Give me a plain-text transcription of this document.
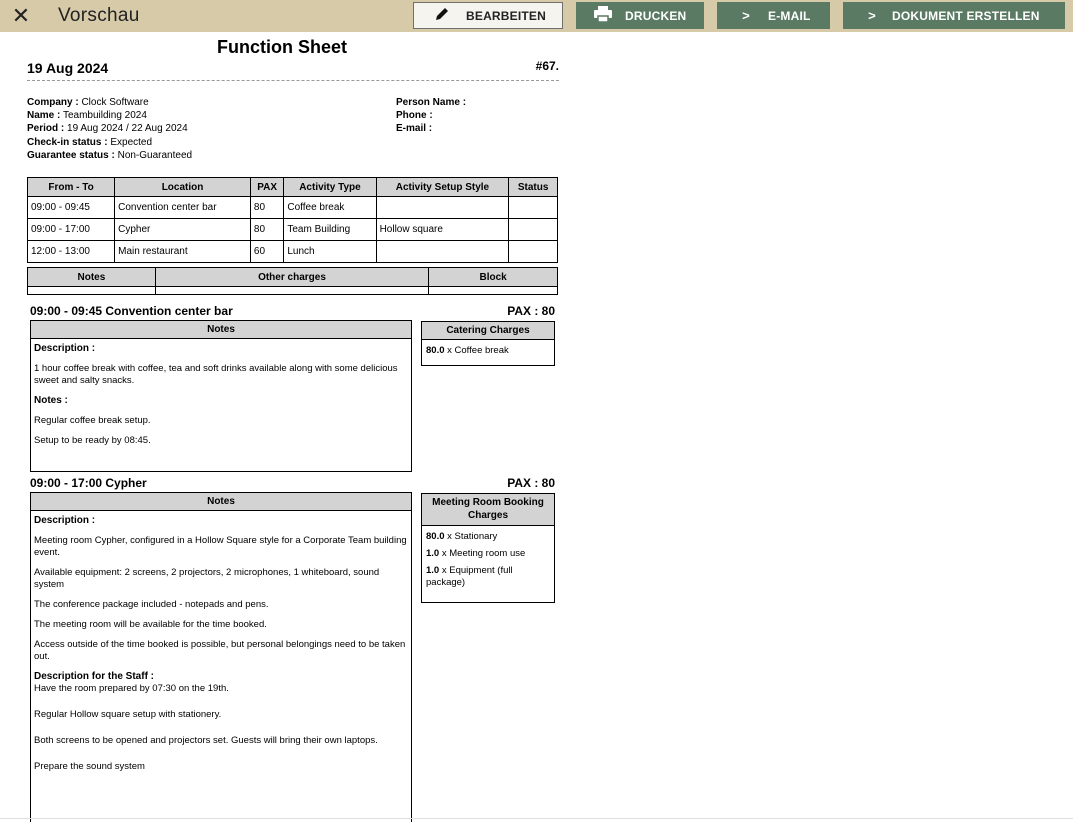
✕ Vorschau	BEARBEITEN	DRUCKEN	>	E-MAIL	>	DOKUMENT ERSTELLEN
Function Sheet
19 Aug 2024	#67.
Company : Clock Software
Name : Teambuilding 2024
Period : 19 Aug 2024 / 22 Aug 2024
Check-in status : Expected
Guarantee status : Non-Guaranteed
Person Name :
Phone :
E-mail :
From - To	Location	PAX	Activity Type	Activity Setup Style	Status
09:00 - 09:45	Convention center bar	80	Coffee break		
09:00 - 17:00	Cypher	80	Team Building	Hollow square	
12:00 - 13:00	Main restaurant	60	Lunch		
Notes	Other charges	Block

09:00 - 09:45 Convention center bar	PAX : 80
Notes

Description :

1 hour coffee break with coffee, tea and soft drinks available along with some delicious sweet and salty snacks.

Notes :

Regular coffee break setup.

Setup to be ready by 08:45.

Catering Charges
80.0 x Coffee break
09:00 - 17:00 Cypher	PAX : 80
Notes

Description :

Meeting room Cypher, configured in a Hollow Square style for a Corporate Team building event.

Available equipment: 2 screens, 2 projectors, 2 microphones, 1 whiteboard, sound system

The conference package included - notepads and pens.

The meeting room will be available for the time booked.

Access outside of the time booked is possible, but personal belongings need to be taken out.

Description for the Staff :

Have the room prepared by 07:30 on the 19th.

Regular Hollow square setup with stationery.

Both screens to be opened and projectors set. Guests will bring their own laptops.

Prepare the sound system

Meeting Room Booking Charges
80.0 x Stationary
1.0 x Meeting room use
1.0 x Equipment (full package)
